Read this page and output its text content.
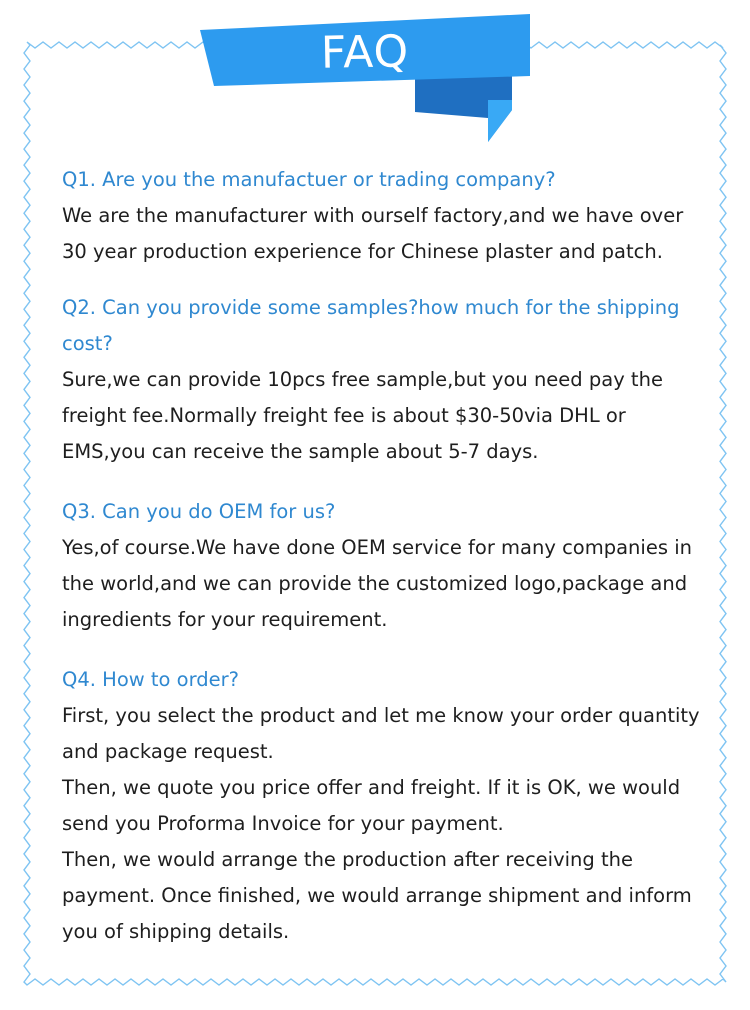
FAQ

Q1. Are you the manufactuer or trading company?

We are the manufacturer with ourself factory,and we have over 30 year production experience for Chinese plaster and patch.

Q2. Can you provide some samples?how much for the shipping cost?

Sure,we can provide 10pcs free sample,but you need pay the freight fee.Normally freight fee is about $30-50via DHL or EMS,you can receive the sample about 5-7 days.

Q3. Can you do OEM for us?

Yes,of course.We have done OEM service for many companies in the world,and we can provide the customized logo,package and ingredients for your requirement.

Q4. How to order?

First, you select the product and let me know your order quantity and package request.

Then, we quote you price offer and freight. If it is OK, we would send you Proforma Invoice for your payment.

Then, we would arrange the production after receiving the payment. Once finished, we would arrange shipment and inform you of shipping details.
